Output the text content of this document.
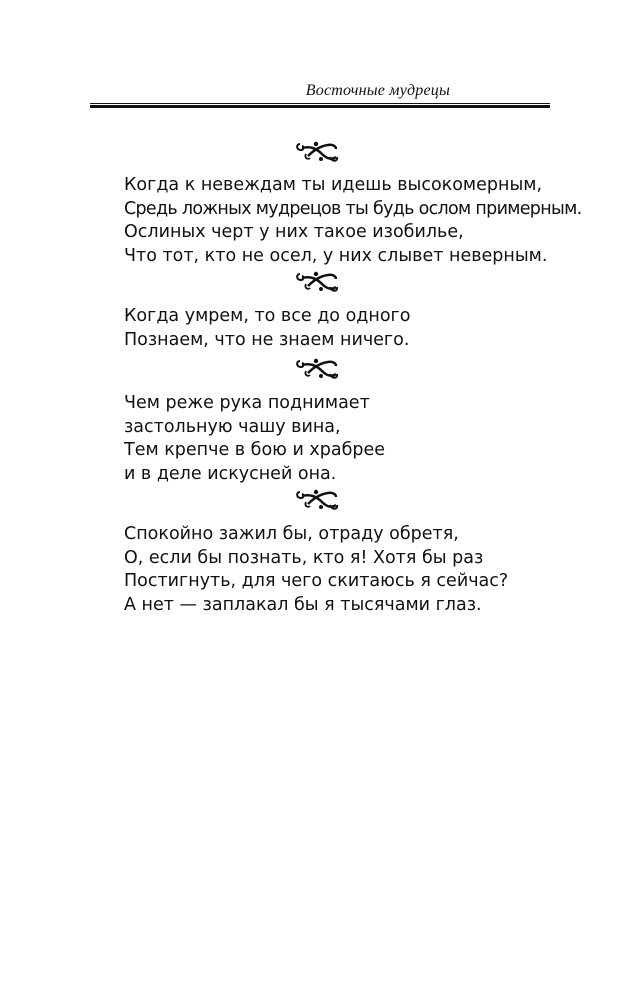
Восточные мудрецы
Когда к невеждам ты идешь высокомерным,
Средь ложных мудрецов ты будь ослом примерным.
Ослиных черт у них такое изобилье,
Что тот, кто не осел, у них слывет неверным.
Когда умрем, то все до одного
Познаем, что не знаем ничего.
Чем реже рука поднимает
застольную чашу вина,
Тем крепче в бою и храбрее
и в деле искусней она.
Спокойно зажил бы, отраду обретя,
О, если бы познать, кто я! Хотя бы раз
Постигнуть, для чего скитаюсь я сейчас?
А нет — заплакал бы я тысячами глаз.
